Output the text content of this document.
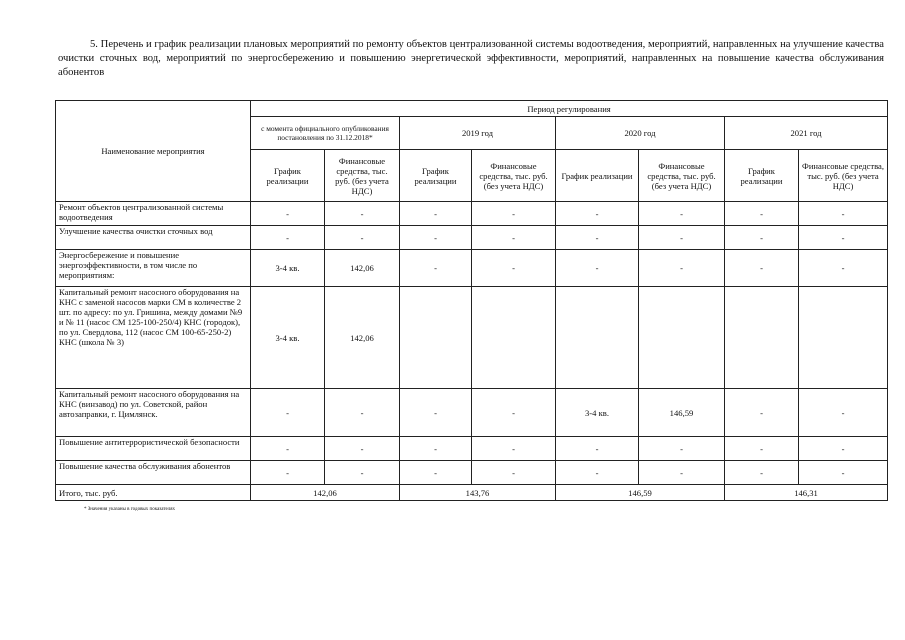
5. Перечень и график реализации плановых мероприятий по ремонту объектов централизованной системы водоотведения, мероприятий, направленных на улучшение качества очистки сточных вод, мероприятий по энергосбережению и повышению энергетической эффективности, мероприятий, направленных на повышение качества обслуживания абонентов

Наименование мероприятия	Период регулирования							
	с момента официального опубликования постановления по 31.12.2018*		2019 год		2020 год		2021 год	
	График реализации	Финансовые средства, тыс. руб. (без учета НДС)	График реализации	Финансовые средства, тыс. руб. (без учета НДС)	График реализации	Финансовые средства, тыс. руб. (без учета НДС)	График реализации	Финансовые средства, тыс. руб. (без учета НДС)
Ремонт объектов централизованной системы водоотведения	-	-	-	-	-	-	-	-
Улучшение качества очистки сточных вод	-	-	-	-	-	-	-	-
Энергосбережение и повышение энергоэффективности, в том числе по мероприятиям:	3-4 кв.	142,06	-	-	-	-	-	-
Капитальный ремонт насосного оборудования на КНС с заменой насосов марки СМ в количестве 2 шт. по адресу: по ул. Гришина, между домами №9 и № 11 (насос СМ 125-100-250/4) КНС (городок), по ул. Свердлова, 112 (насос СМ 100-65-250-2) КНС (школа № 3)	3-4 кв.	142,06						
Капитальный ремонт насосного оборудования на КНС (винзавод) по ул. Советской, район автозаправки, г. Цимлянск.	-	-	-	-	3-4 кв.	146,59	-	-
Повышение антитеррористической безопасности	-	-	-	-	-	-	-	-
Повышение качества обслуживания абонентов	-	-	-	-	-	-	-	-
Итого, тыс. руб.	142,06		143,76		146,59		146,31	
* Значения указаны в годовых показателях
